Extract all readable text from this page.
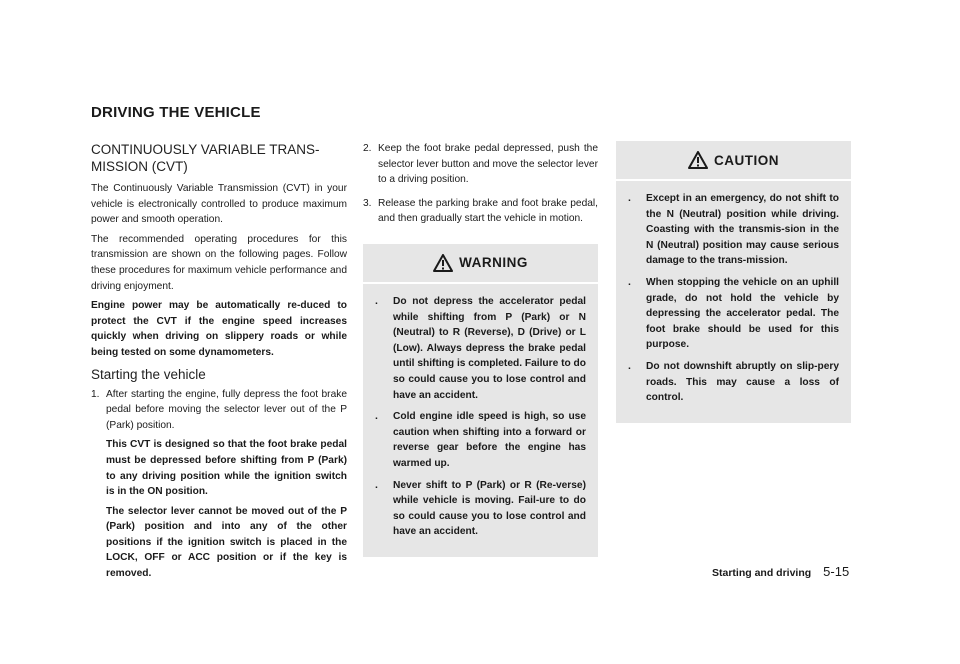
DRIVING THE VEHICLE
CONTINUOUSLY VARIABLE TRANS-MISSION (CVT)

The Continuously Variable Transmission (CVT) in your vehicle is electronically controlled to produce maximum power and smooth operation.

The recommended operating procedures for this transmission are shown on the following pages. Follow these procedures for maximum vehicle performance and driving enjoyment.

Engine power may be automatically re-duced to protect the CVT if the engine speed increases quickly when driving on slippery roads or while being tested on some dynamometers.

Starting the vehicle
1. After starting the engine, fully depress the foot brake pedal before moving the selector lever out of the P (Park) position.

This CVT is designed so that the foot brake pedal must be depressed before shifting from P (Park) to any driving position while the ignition switch is in the ON position.

The selector lever cannot be moved out of the P (Park) position and into any of the other positions if the ignition switch is placed in the LOCK, OFF or ACC position or if the key is removed.

2. Keep the foot brake pedal depressed, push the selector lever button and move the selector lever to a driving position.

3. Release the parking brake and foot brake pedal, and then gradually start the vehicle in motion.

WARNING
.	Do not depress the accelerator pedal while shifting from P (Park) or N (Neutral) to R (Reverse), D (Drive) or L (Low). Always depress the brake pedal until shifting is completed. Failure to do so could cause you to lose control and have an accident.
.	Cold engine idle speed is high, so use caution when shifting into a forward or reverse gear before the engine has warmed up.
.	Never shift to P (Park) or R (Re-verse) while vehicle is moving. Fail-ure to do so could cause you to lose control and have an accident.
CAUTION
.	Except in an emergency, do not shift to the N (Neutral) position while driving. Coasting with the transmis-sion in the N (Neutral) position may cause serious damage to the trans-mission.
.	When stopping the vehicle on an uphill grade, do not hold the vehicle by depressing the accelerator pedal. The foot brake should be used for this purpose.
.	Do not downshift abruptly on slip-pery roads. This may cause a loss of control.
Starting and driving 5-15
